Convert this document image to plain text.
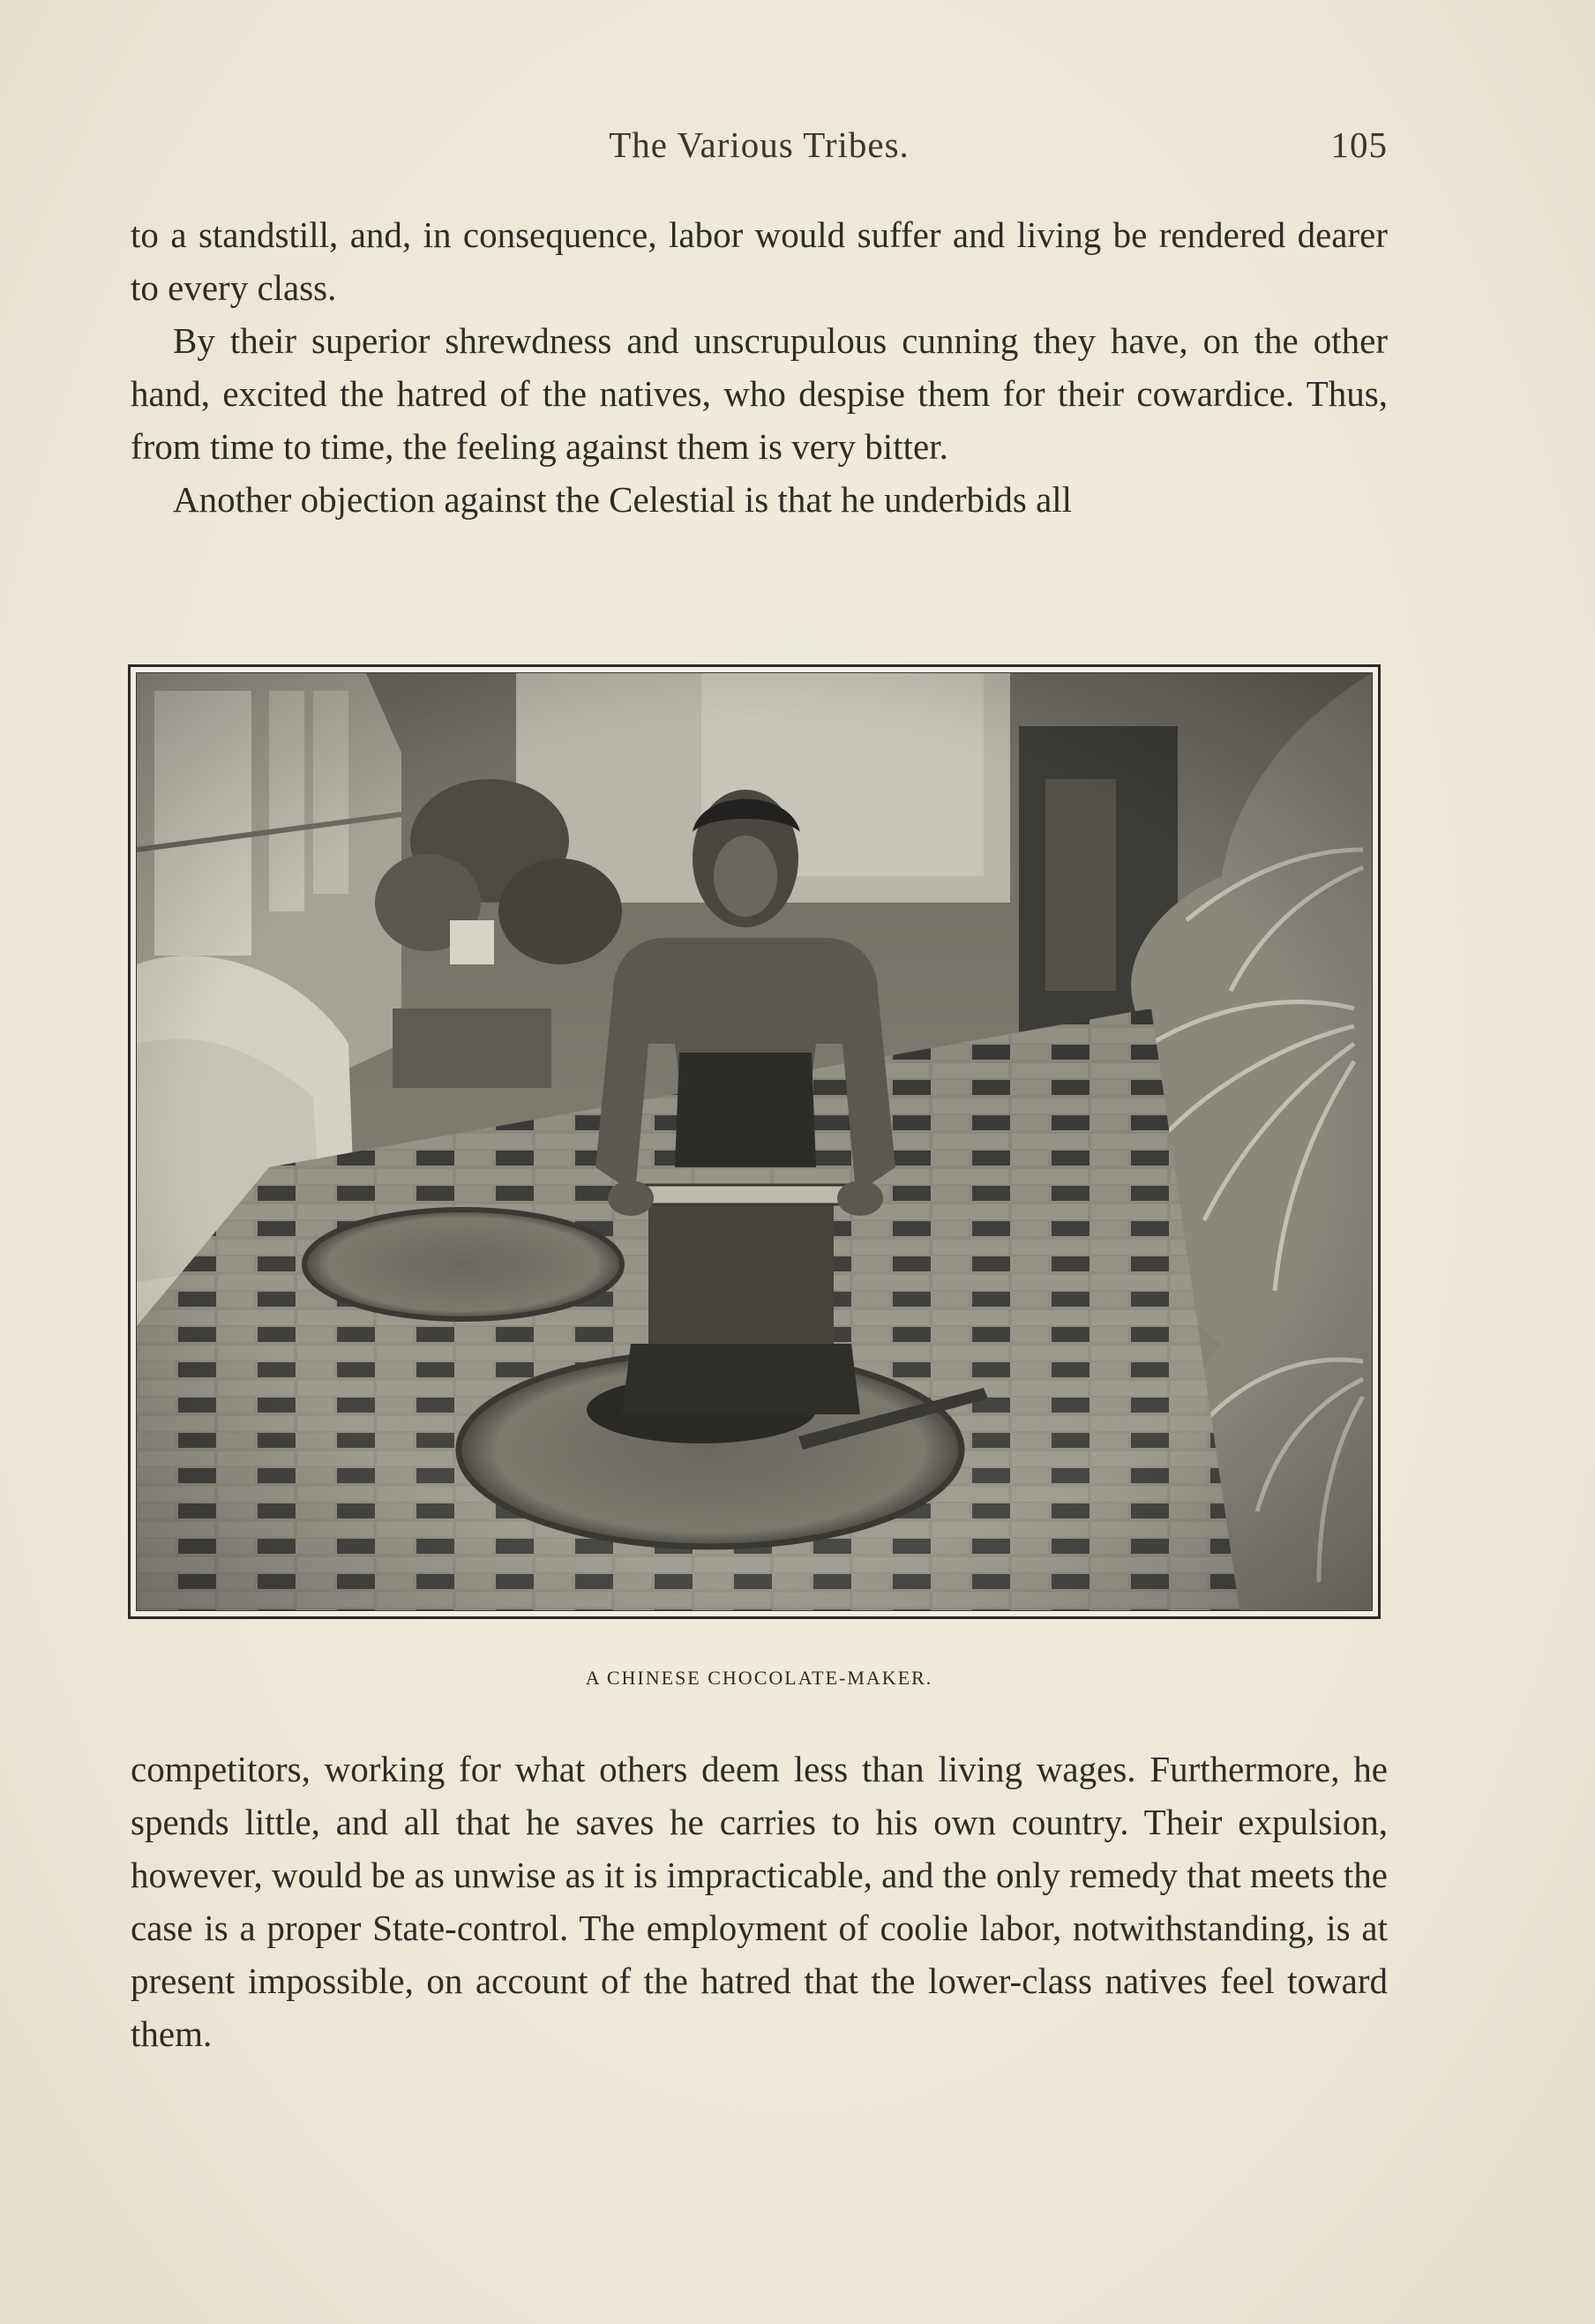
The Various Tribes.	105

to a standstill, and, in consequence, labor would suffer and living be rendered dearer to every class.

By their superior shrewdness and unscrupulous cunning they have, on the other hand, excited the hatred of the natives, who despise them for their cowardice. Thus, from time to time, the feeling against them is very bitter.

Another objection against the Celestial is that he underbids all

A CHINESE CHOCOLATE-MAKER.

competitors, working for what others deem less than living wages. Furthermore, he spends little, and all that he saves he carries to his own country. Their expulsion, however, would be as unwise as it is impracticable, and the only remedy that meets the case is a proper State-control. The employment of coolie labor, notwithstanding, is at present impossible, on account of the hatred that the lower-class natives feel toward them.
